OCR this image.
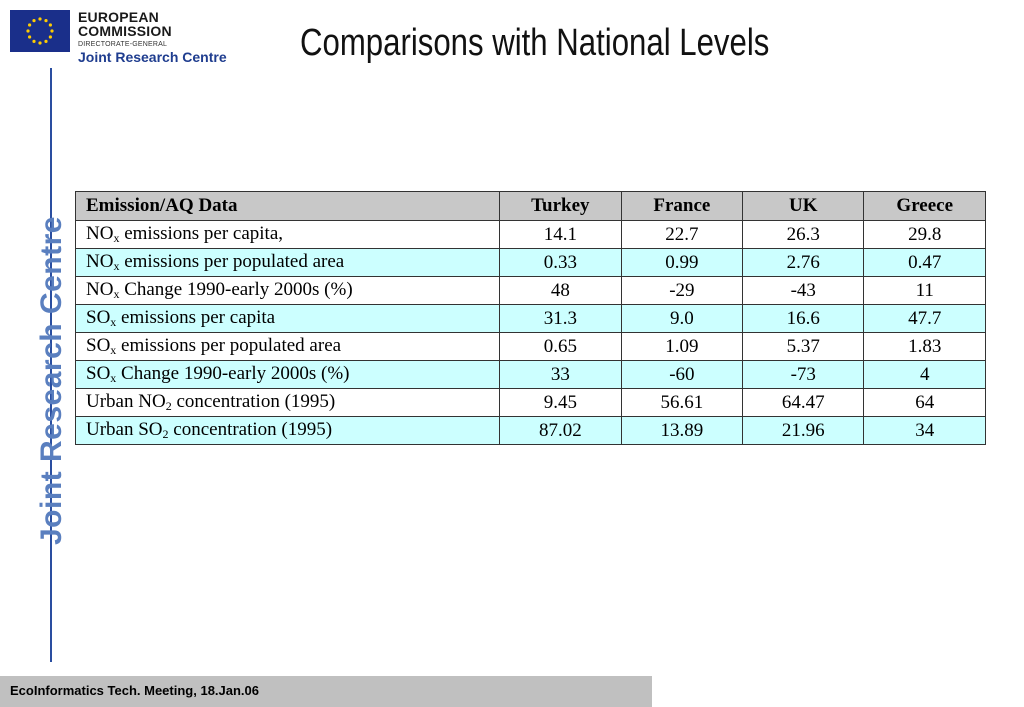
EUROPEAN COMMISSION
DIRECTORATE-GENERAL
Joint Research Centre	Comparisons with National Levels
Joint Research Centre
Emission/AQ Data	Turkey	France	UK	Greece
$NO_x$ emissions per capita,	14.1	22.7	26.3	29.8
$NO_x$ emissions per populated area	0.33	0.99	2.76	0.47
$NO_x$ Change 1990-early 2000s (%)	48	-29	-43	11
$SO_x$ emissions per capita	31.3	9.0	16.6	47.7
$SO_x$ emissions per populated area	0.65	1.09	5.37	1.83
$SO_x$ Change 1990-early 2000s (%)	33	-60	-73	4
Urban $NO_2$ concentration (1995)	9.45	56.61	64.47	64
Urban $SO_2$ concentration (1995)	87.02	13.89	21.96	34
EcoInformatics Tech. Meeting, 18.Jan.06
